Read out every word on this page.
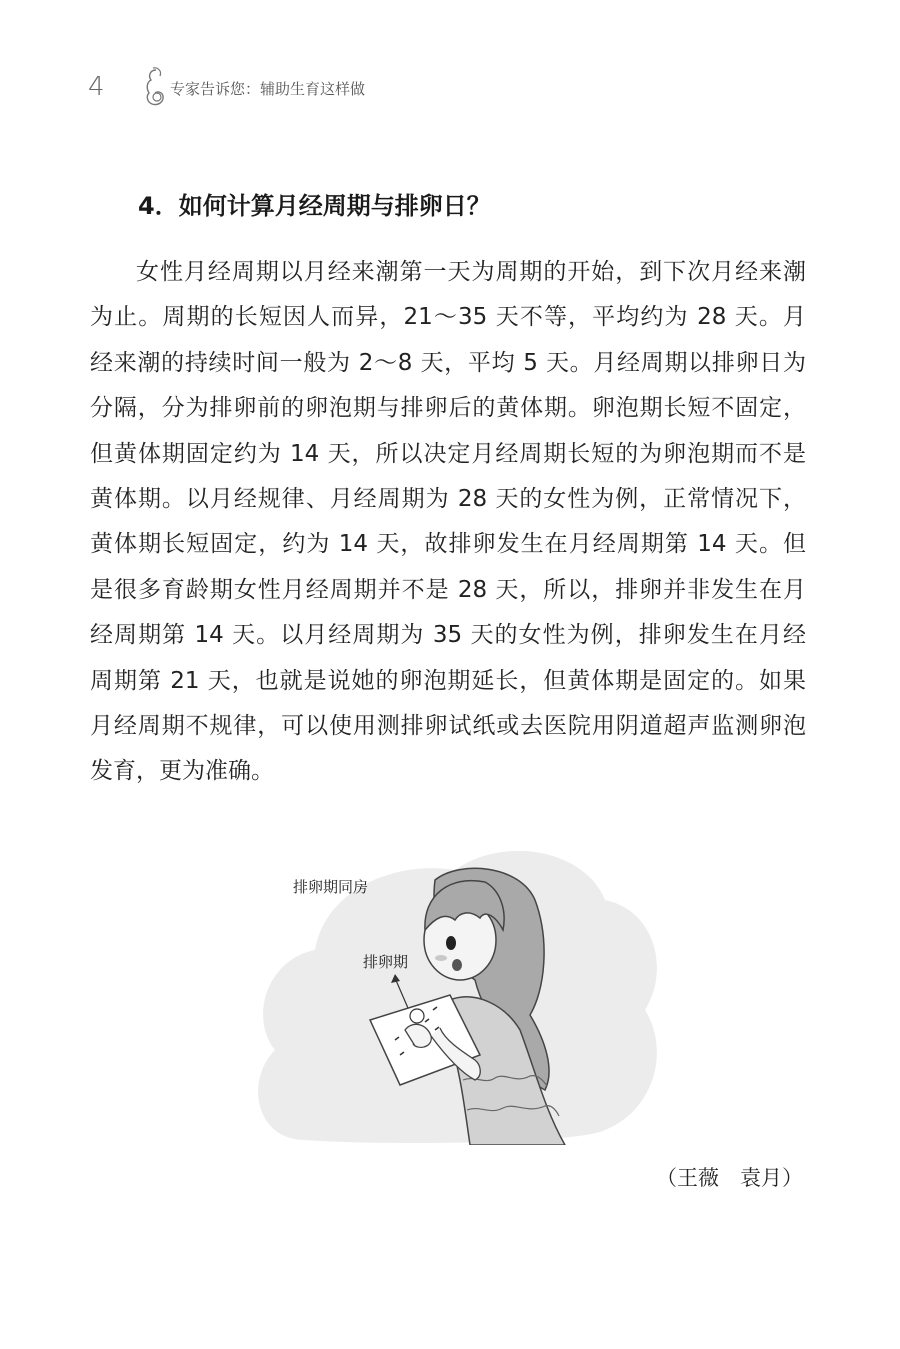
4	专家告诉您：辅助生育这样做
4．如何计算月经周期与排卵日？
女性月经周期以月经来潮第一天为周期的开始，到下次月经来潮
为止。周期的长短因人而异，21～35 天不等，平均约为 28 天。月
经来潮的持续时间一般为 2～8 天，平均 5 天。月经周期以排卵日为
分隔，分为排卵前的卵泡期与排卵后的黄体期。卵泡期长短不固定，
但黄体期固定约为 14 天，所以决定月经周期长短的为卵泡期而不是
黄体期。以月经规律、月经周期为 28 天的女性为例，正常情况下，
黄体期长短固定，约为 14 天，故排卵发生在月经周期第 14 天。但
是很多育龄期女性月经周期并不是 28 天，所以，排卵并非发生在月
经周期第 14 天。以月经周期为 35 天的女性为例，排卵发生在月经
周期第 21 天，也就是说她的卵泡期延长，但黄体期是固定的。如果
月经周期不规律，可以使用测排卵试纸或去医院用阴道超声监测卵泡
发育，更为准确。
排卵期同房
排卵期
（王薇　袁月）
